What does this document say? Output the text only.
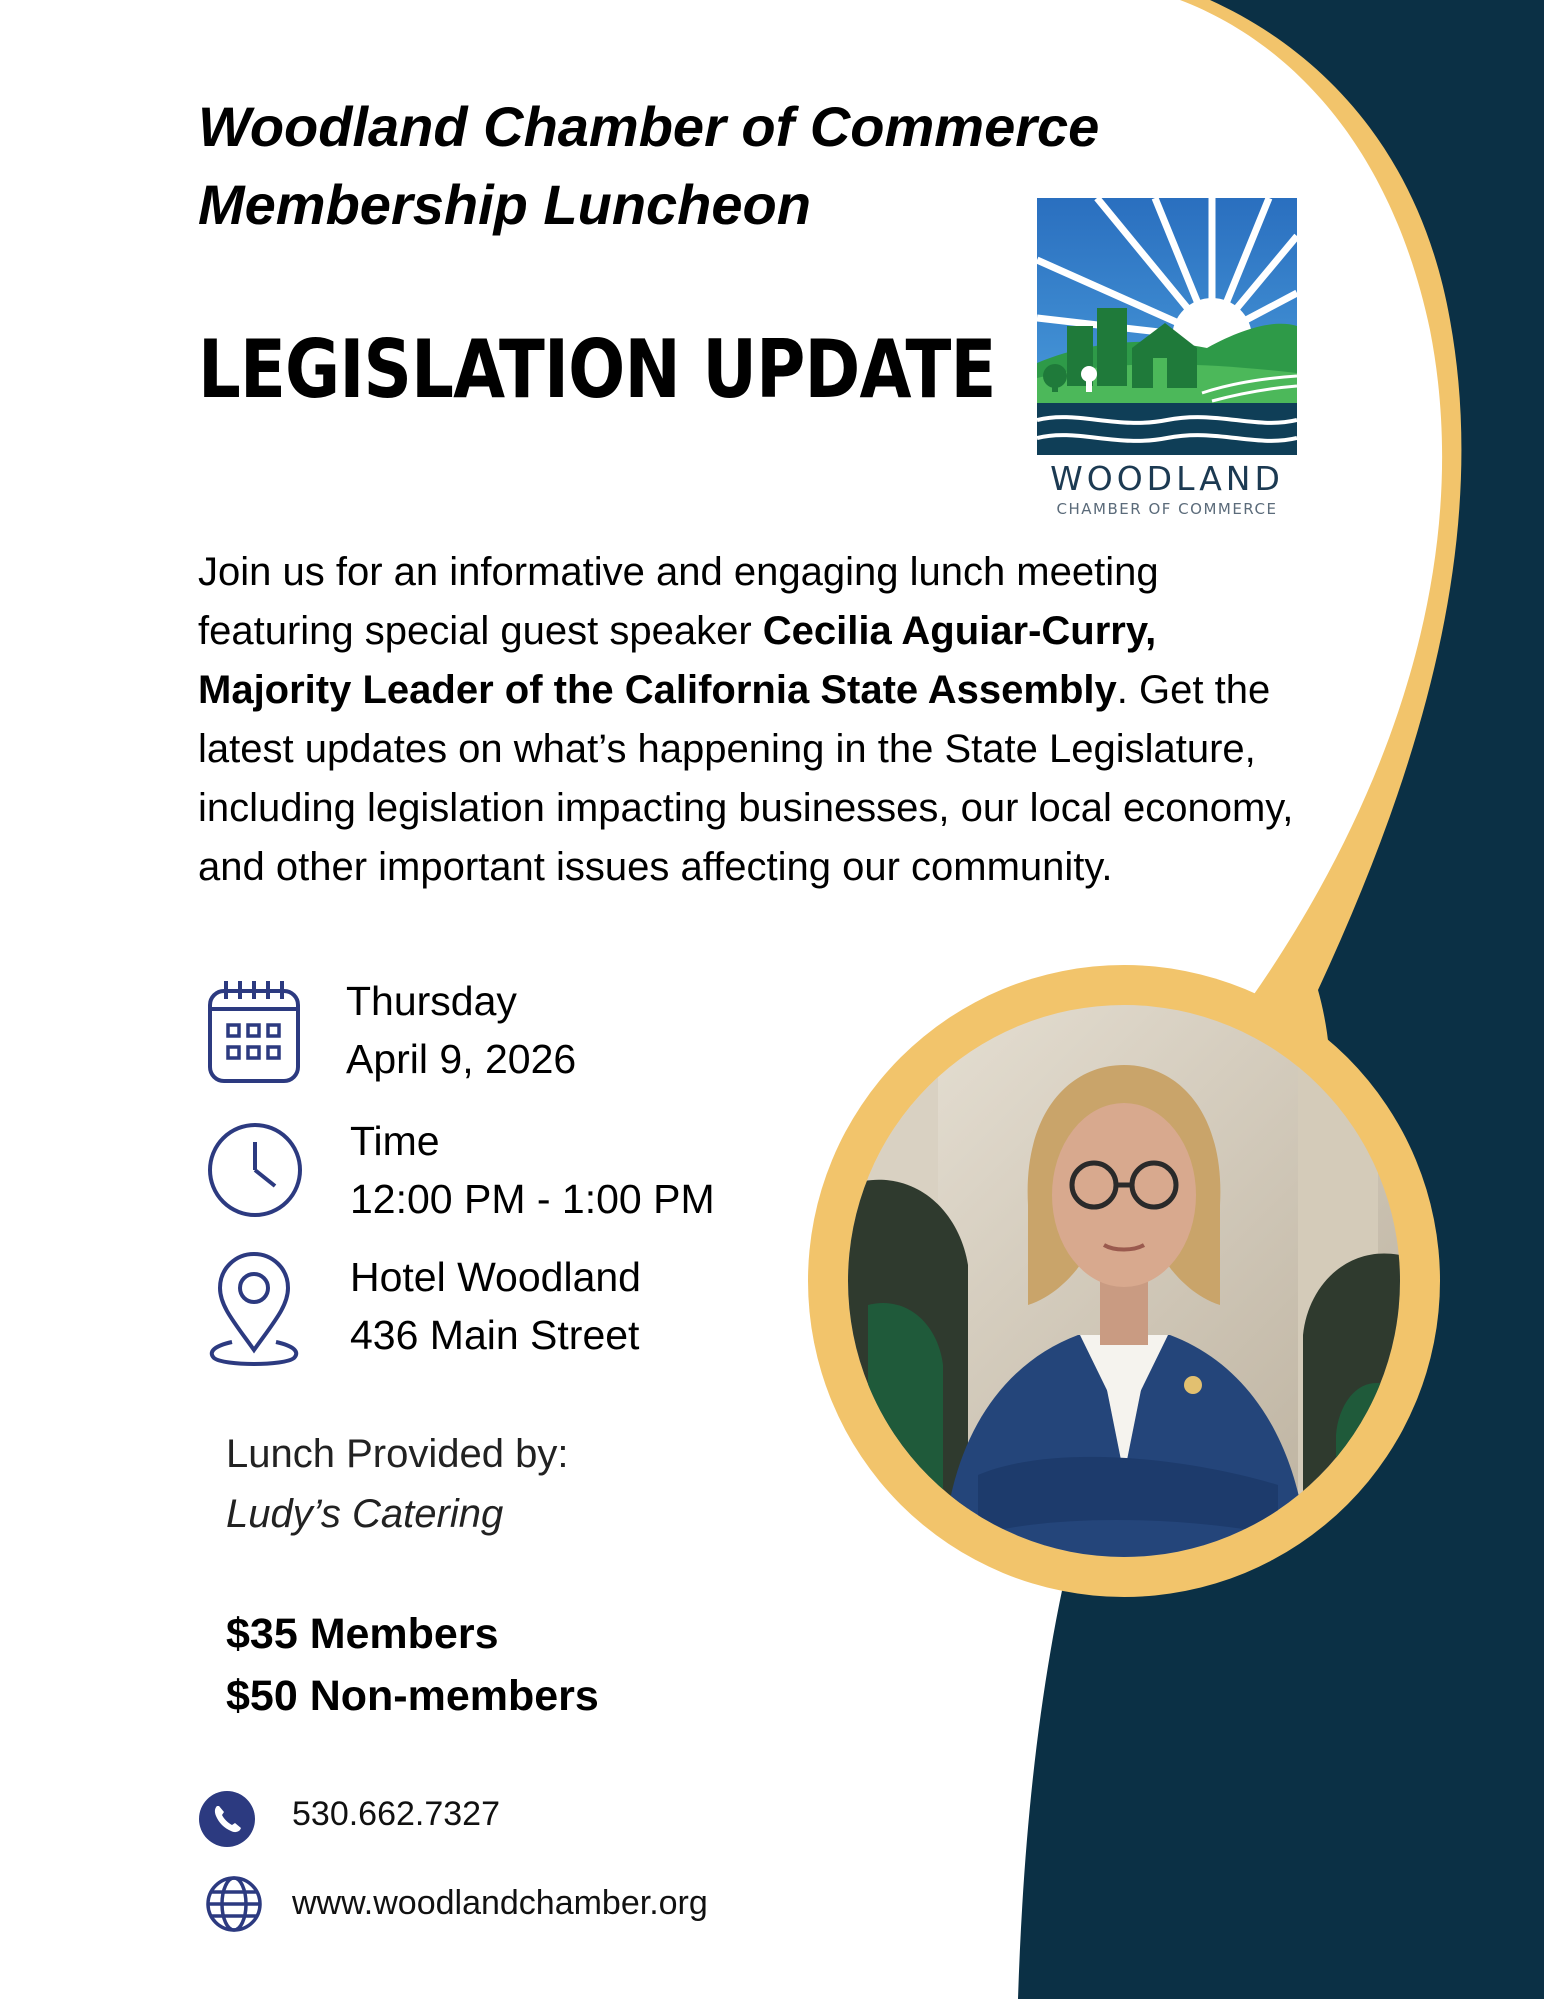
Woodland Chamber of Commerce
Membership Luncheon
LEGISLATION UPDATE
WOODLAND
CHAMBER OF COMMERCE
Join us for an informative and engaging lunch meeting featuring special guest speaker Cecilia Aguiar-Curry, Majority Leader of the California State Assembly. Get the latest updates on what’s happening in the State Legislature, including legislation impacting businesses, our local economy, and other important issues affecting our community.
Thursday
April 9, 2026
Time
12:00 PM - 1:00 PM
Hotel Woodland
436 Main Street
Lunch Provided by:
Ludy’s Catering
$35 Members
$50 Non-members
530.662.7327
www.woodlandchamber.org
